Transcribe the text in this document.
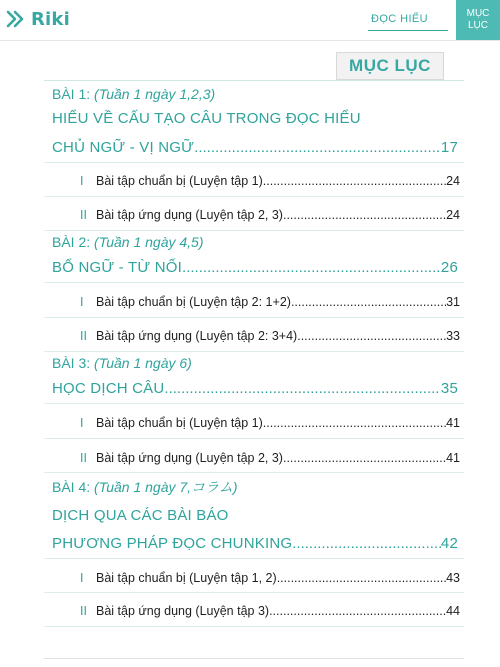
Riki	ĐỌC HIỂU	MỤC
LỤC
MỤC LỤC
BÀI 1: (Tuần 1 ngày 1,2,3)
HIỂU VỀ CẤU TẠO CÂU TRONG ĐỌC HIỂU
CHỦ NGỮ - VỊ NGỮ .....	17
I	Bài tập chuẩn bị (Luyện tập 1) .....	24
II Bài tập ứng dụng (Luyện tập 2, 3) .....	24
BÀI 2: (Tuần 1 ngày 4,5)
BỔ NGỮ - TỪ NỐI .....	26
I	Bài tập chuẩn bị (Luyện tập 2: 1+2) .....	31
II Bài tập ứng dụng (Luyện tập 2: 3+4) .....	33
BÀI 3: (Tuần 1 ngày 6)
HỌC DỊCH CÂU .....	35
I	Bài tập chuẩn bị (Luyện tập 1) .....	41
II Bài tập ứng dụng (Luyện tập 2, 3) .....	41
BÀI 4: (Tuần 1 ngày 7,コラム)
DỊCH QUA CÁC BÀI BÁO
PHƯƠNG PHÁP ĐỌC CHUNKING .....	42
I	Bài tập chuẩn bị (Luyện tập 1, 2) .....	43
II Bài tập ứng dụng (Luyện tập 3) .....	44
